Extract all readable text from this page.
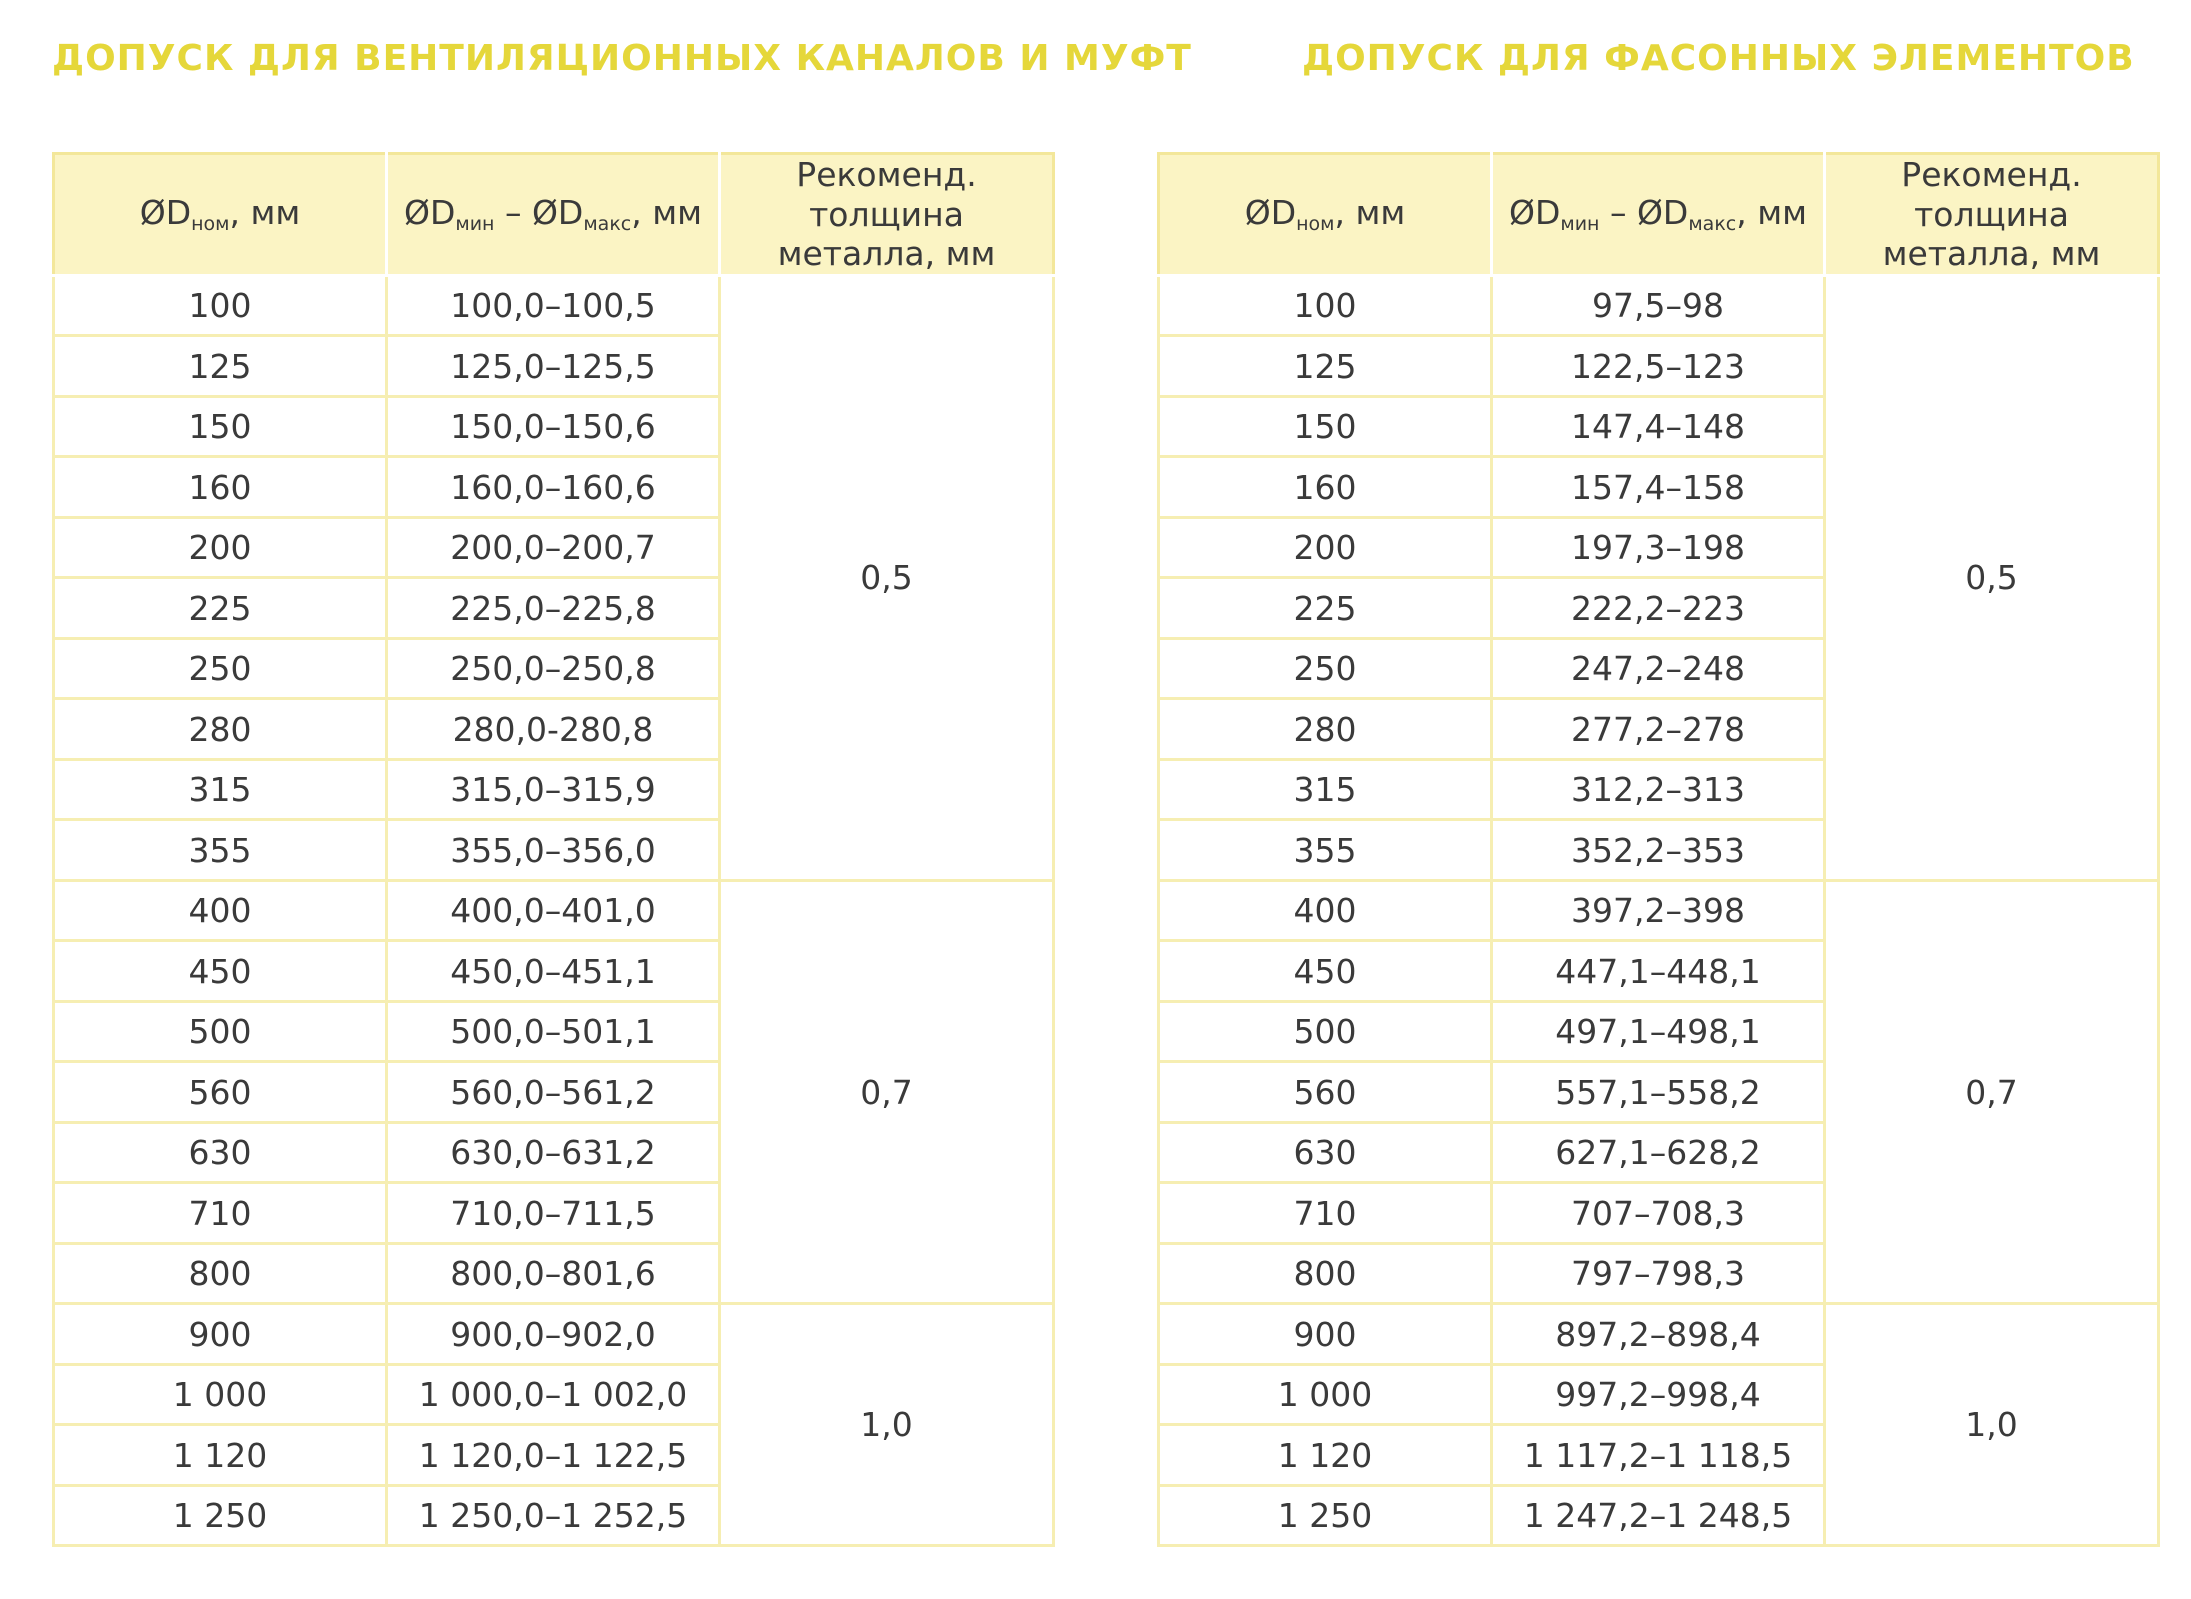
ДОПУСК ДЛЯ ВЕНТИЛЯЦИОННЫХ КАНАЛОВ И МУФТ
$ØD_{ном}$, мм	$ØD_{мин}$ – $ØD_{макс}$, мм	Рекоменд. толщина
металла, мм
100	100,0–100,5	0,5
125	125,0–125,5	
150	150,0–150,6	
160	160,0–160,6	
200	200,0–200,7	
225	225,0–225,8	
250	250,0–250,8	
280	280,0-280,8	
315	315,0–315,9	
355	355,0–356,0	
400	400,0–401,0	0,7
450	450,0–451,1	
500	500,0–501,1	
560	560,0–561,2	
630	630,0–631,2	
710	710,0–711,5	
800	800,0–801,6	
900	900,0–902,0	1,0
1 000	1 000,0–1 002,0	
1 120	1 120,0–1 122,5	
1 250	1 250,0–1 252,5	
ДОПУСК ДЛЯ ФАСОННЫХ ЭЛЕМЕНТОВ
$ØD_{ном}$, мм	$ØD_{мин}$ – $ØD_{макс}$, мм	Рекоменд. толщина
металла, мм
100	97,5–98	0,5
125	122,5–123	
150	147,4–148	
160	157,4–158	
200	197,3–198	
225	222,2–223	
250	247,2–248	
280	277,2–278	
315	312,2–313	
355	352,2–353	
400	397,2–398	0,7
450	447,1–448,1	
500	497,1–498,1	
560	557,1–558,2	
630	627,1–628,2	
710	707–708,3	
800	797–798,3	
900	897,2–898,4	1,0
1 000	997,2–998,4	
1 120	1 117,2–1 118,5	
1 250	1 247,2–1 248,5	
